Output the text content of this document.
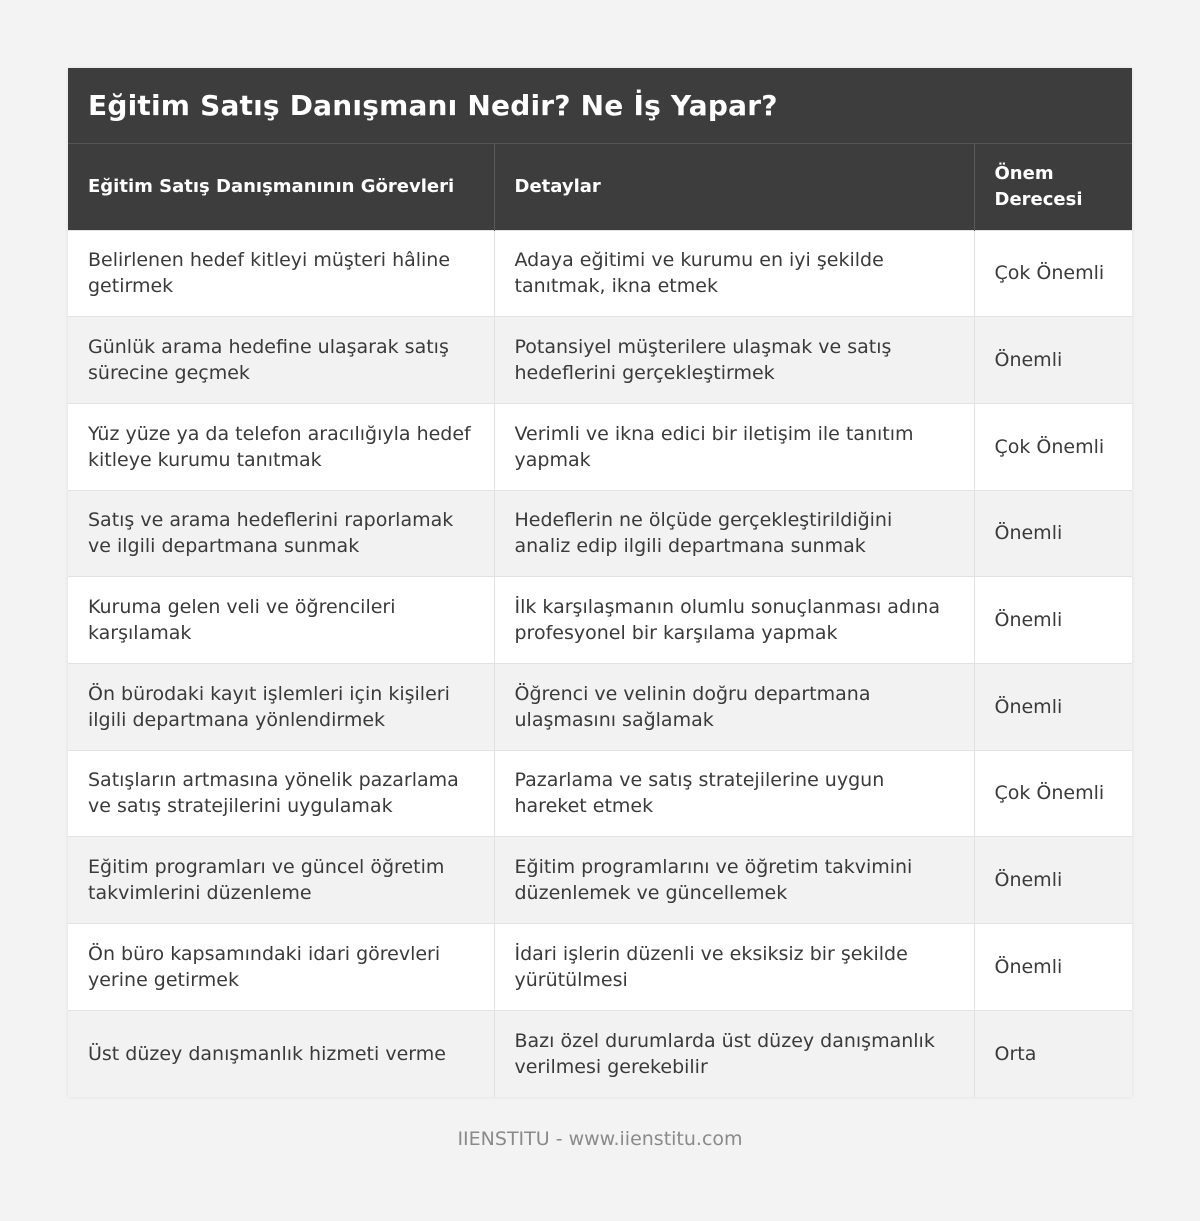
Eğitim Satış Danışmanı Nedir? Ne İş Yapar?
Eğitim Satış Danışmanının Görevleri	Detaylar	Önem Derecesi
Belirlenen hedef kitleyi müşteri hâline getirmek	Adaya eğitimi ve kurumu en iyi şekilde tanıtmak, ikna etmek	Çok Önemli
Günlük arama hedefine ulaşarak satış sürecine geçmek	Potansiyel müşterilere ulaşmak ve satış hedeflerini gerçekleştirmek	Önemli
Yüz yüze ya da telefon aracılığıyla hedef kitleye kurumu tanıtmak	Verimli ve ikna edici bir iletişim ile tanıtım yapmak	Çok Önemli
Satış ve arama hedeflerini raporlamak ve ilgili departmana sunmak	Hedeflerin ne ölçüde gerçekleştirildiğini analiz edip ilgili departmana sunmak	Önemli
Kuruma gelen veli ve öğrencileri karşılamak	İlk karşılaşmanın olumlu sonuçlanması adına profesyonel bir karşılama yapmak	Önemli
Ön bürodaki kayıt işlemleri için kişileri ilgili departmana yönlendirmek	Öğrenci ve velinin doğru departmana ulaşmasını sağlamak	Önemli
Satışların artmasına yönelik pazarlama ve satış stratejilerini uygulamak	Pazarlama ve satış stratejilerine uygun hareket etmek	Çok Önemli
Eğitim programları ve güncel öğretim takvimlerini düzenleme	Eğitim programlarını ve öğretim takvimini düzenlemek ve güncellemek	Önemli
Ön büro kapsamındaki idari görevleri yerine getirmek	İdari işlerin düzenli ve eksiksiz bir şekilde yürütülmesi	Önemli
Üst düzey danışmanlık hizmeti verme	Bazı özel durumlarda üst düzey danışmanlık verilmesi gerekebilir	Orta
IIENSTITU - www.iienstitu.com
